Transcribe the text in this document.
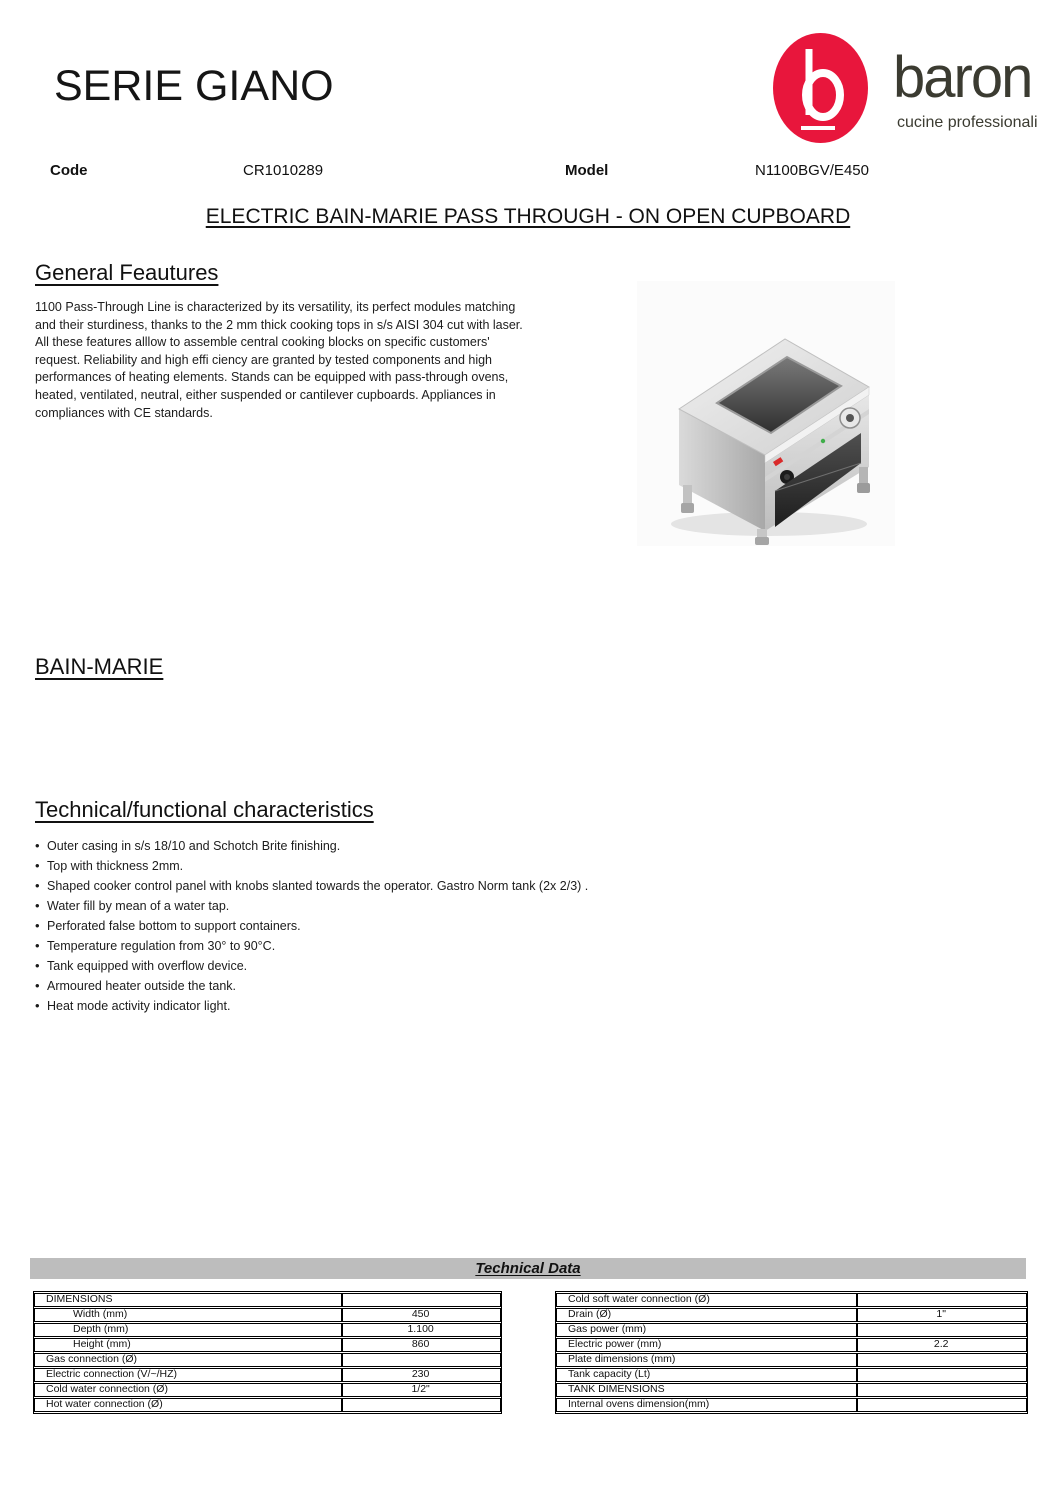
SERIE GIANO	baron
cucine professionali
Code	CR1010289	Model	N1100BGV/E450
ELECTRIC BAIN-MARIE PASS THROUGH - ON OPEN CUPBOARD
General Feautures

1100 Pass-Through Line is characterized by its versatility, its perfect modules matching and their sturdiness, thanks to the 2 mm thick cooking tops in s/s AISI 304 cut with laser. All these features alllow to assemble central cooking blocks on specific customers' request. Reliability and high effi ciency are granted by tested components and high performances of heating elements. Stands can be equipped with pass-through ovens, heated, ventilated, neutral, either suspended or cantilever cupboards. Appliances in compliances with CE standards.

BAIN-MARIE
Technical/functional characteristics
• Outer casing in s/s 18/10 and Schotch Brite finishing.
• Top with thickness 2mm.
• Shaped cooker control panel with knobs slanted towards the operator. Gastro Norm tank (2x 2/3) .
• Water fill by mean of a water tap.
• Perforated false bottom to support containers.
• Temperature regulation from 30° to 90°C.
• Tank equipped with overflow device.
• Armoured heater outside the tank.
• Heat mode activity indicator light.
Technical Data
DIMENSIONS	
Width (mm)	450
Depth (mm)	1.100
Height (mm)	860
Gas connection (Ø)	
Electric connection (V/~/HZ)	230
Cold water connection (Ø)	1/2"
Hot water connection (Ø)	
Cold soft water connection (Ø)	
Drain (Ø)	1"
Gas power (mm)	
Electric power (mm)	2.2
Plate dimensions (mm)	
Tank capacity (Lt)	
TANK DIMENSIONS	
Internal ovens dimension(mm)	
